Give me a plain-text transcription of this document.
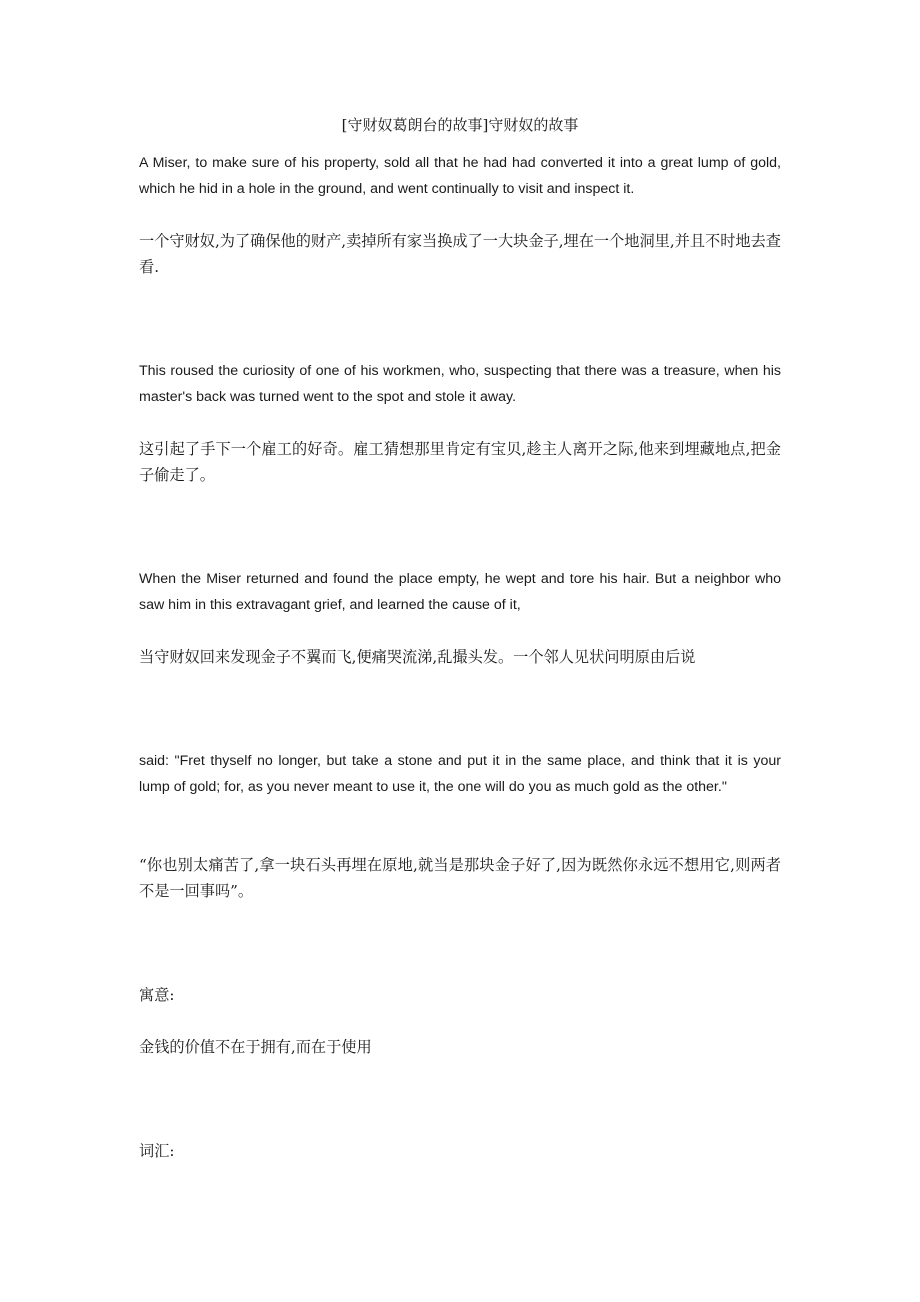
[守财奴葛朗台的故事]守财奴的故事

A Miser, to make sure of his property, sold all that he had had converted it into a great lump of gold, which he hid in a hole in the ground, and went continually to visit and inspect it.

一个守财奴,为了确保他的财产,卖掉所有家当换成了一大块金子,埋在一个地洞里,并且不时地去查看.

This roused the curiosity of one of his workmen, who, suspecting that there was a treasure, when his master's back was turned went to the spot and stole it away.

这引起了手下一个雇工的好奇。雇工猜想那里肯定有宝贝,趁主人离开之际,他来到埋藏地点,把金子偷走了。

When the Miser returned and found the place empty, he wept and tore his hair. But a neighbor who saw him in this extravagant grief, and learned the cause of it,

当守财奴回来发现金子不翼而飞,便痛哭流涕,乱撮头发。一个邻人见状问明原由后说

said: "Fret thyself no longer, but take a stone and put it in the same place, and think that it is your lump of gold; for, as you never meant to use it, the one will do you as much gold as the other."

“你也别太痛苦了,拿一块石头再埋在原地,就当是那块金子好了,因为既然你永远不想用它,则两者不是一回事吗”。

寓意:

金钱的价值不在于拥有,而在于使用

词汇:
